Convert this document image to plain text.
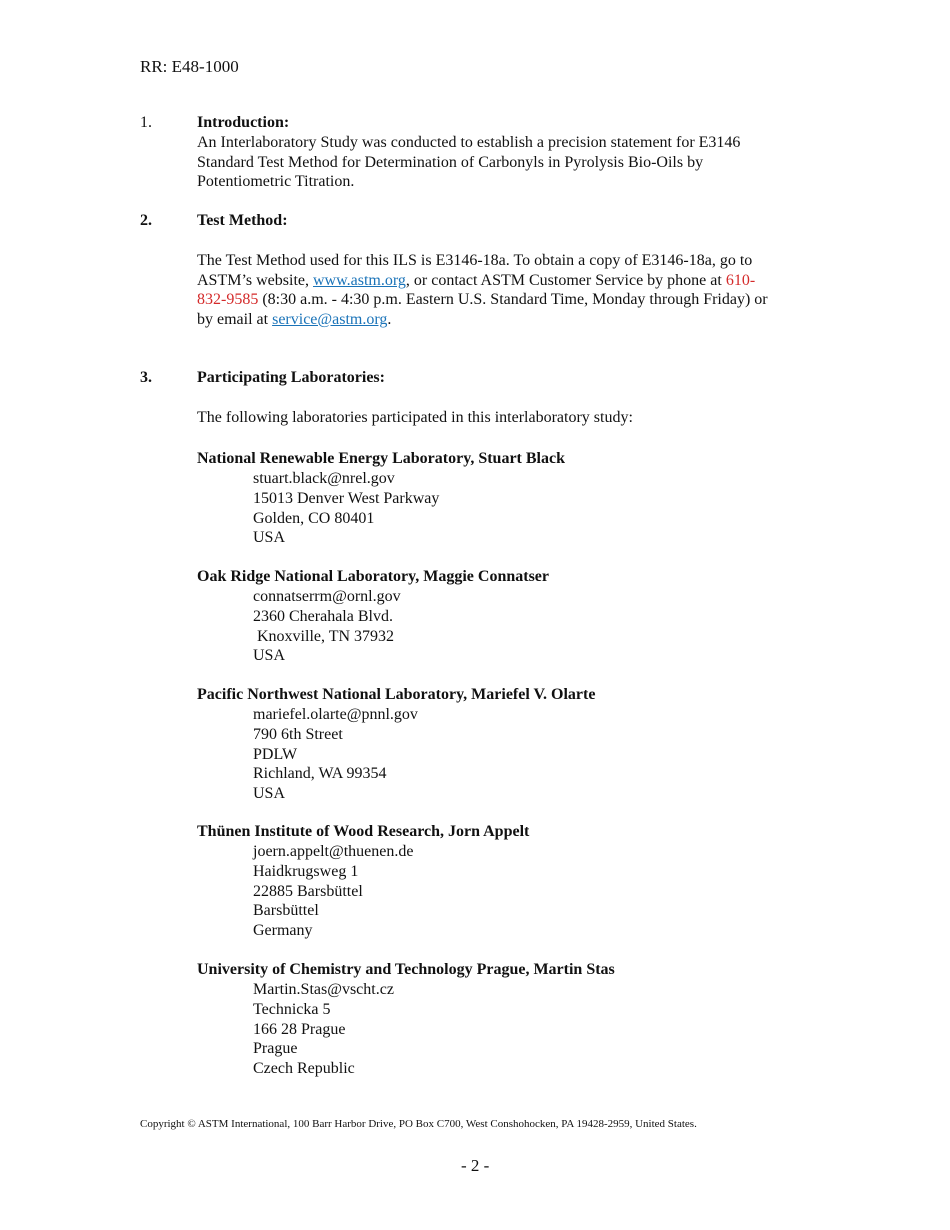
RR: E48-1000
1.	Introduction:
An Interlaboratory Study was conducted to establish a precision statement for E3146
Standard Test Method for Determination of Carbonyls in Pyrolysis Bio-Oils by
Potentiometric Titration.
2.	Test Method:
The Test Method used for this ILS is E3146-18a. To obtain a copy of E3146-18a, go to
ASTM’s website, www.astm.org, or contact ASTM Customer Service by phone at 610-
832-9585 (8:30 a.m. - 4:30 p.m. Eastern U.S. Standard Time, Monday through Friday) or
by email at service@astm.org.
3.	Participating Laboratories:
The following laboratories participated in this interlaboratory study:
National Renewable Energy Laboratory, Stuart Black
stuart.black@nrel.gov
15013 Denver West Parkway
Golden, CO 80401
USA
Oak Ridge National Laboratory, Maggie Connatser
connatserrm@ornl.gov
2360 Cherahala Blvd.
Knoxville, TN 37932
USA
Pacific Northwest National Laboratory, Mariefel V. Olarte
mariefel.olarte@pnnl.gov
790 6th Street
PDLW
Richland, WA 99354
USA
Thünen Institute of Wood Research, Jorn Appelt
joern.appelt@thuenen.de
Haidkrugsweg 1
22885 Barsbüttel
Barsbüttel
Germany
University of Chemistry and Technology Prague, Martin Stas
Martin.Stas@vscht.cz
Technicka 5
166 28 Prague
Prague
Czech Republic
Copyright © ASTM International, 100 Barr Harbor Drive, PO Box C700, West Conshohocken, PA 19428-2959, United States.
- 2 -
